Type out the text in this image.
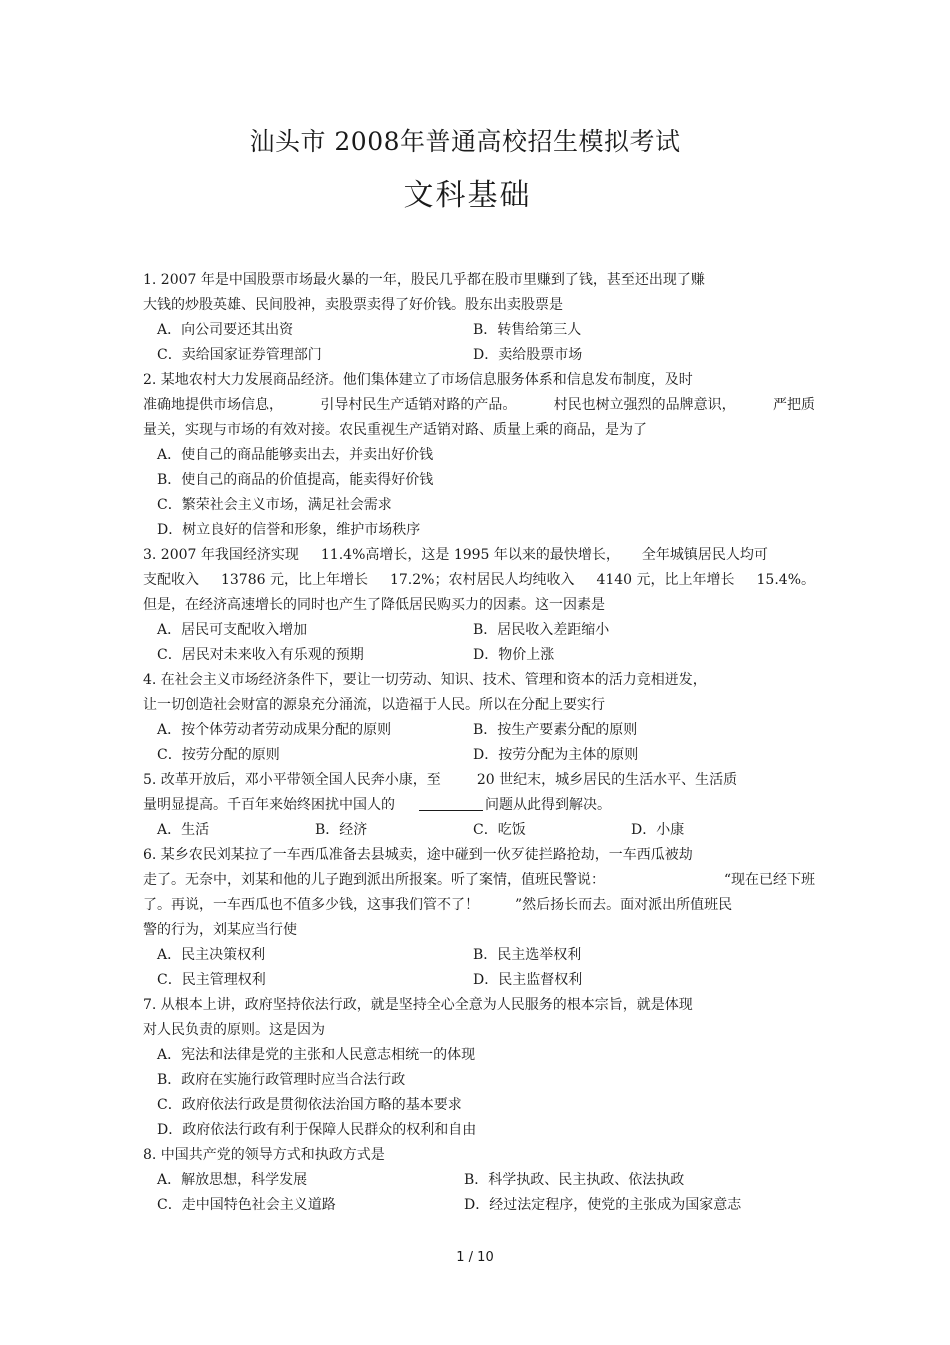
汕头市 2008年普通高校招生模拟考试
文科基础
1. 2007 年是中国股票市场最火暴的一年，股民几乎都在股市里赚到了钱，甚至还出现了赚
大钱的炒股英雄、民间股神，卖股票卖得了好价钱。股东出卖股票是
A．向公司要还其出资	B．转售给第三人
C．卖给国家证券管理部门	D．卖给股票市场
2. 某地农村大力发展商品经济。他们集体建立了市场信息服务体系和信息发布制度，及时
准确地提供市场信息，	引导村民生产适销对路的产品。	村民也树立强烈的品牌意识，	严把质
量关，实现与市场的有效对接。农民重视生产适销对路、质量上乘的商品，是为了
A．使自己的商品能够卖出去，并卖出好价钱
B．使自己的商品的价值提高，能卖得好价钱
C．繁荣社会主义市场，满足社会需求
D．树立良好的信誉和形象，维护市场秩序
3. 2007 年我国经济实现 11.4%高增长，这是 1995 年以来的最快增长， 全年城镇居民人均可
支配收入 13786 元，比上年增长 17.2%；农村居民人均纯收入 4140 元，比上年增长 15.4%。
但是，在经济高速增长的同时也产生了降低居民购买力的因素。这一因素是
A．居民可支配收入增加	B．居民收入差距缩小
C．居民对未来收入有乐观的预期	D．物价上涨
4. 在社会主义市场经济条件下，要让一切劳动、知识、技术、管理和资本的活力竞相迸发，
让一切创造社会财富的源泉充分涌流，以造福于人民。所以在分配上要实行
A．按个体劳动者劳动成果分配的原则	B．按生产要素分配的原则
C．按劳分配的原则	D．按劳分配为主体的原则
5. 改革开放后，邓小平带领全国人民奔小康，至	20 世纪末，城乡居民的生活水平、生活质
量明显提高。千百年来始终困扰中国人的	问题从此得到解决。
A．生活	B．经济	C．吃饭	D．小康
6. 某乡农民刘某拉了一车西瓜准备去县城卖，途中碰到一伙歹徒拦路抢劫，一车西瓜被劫
走了。无奈中，刘某和他的儿子跑到派出所报案。听了案情，值班民警说：	“现在已经下班
了。再说，一车西瓜也不值多少钱，这事我们管不了！	”然后扬长而去。面对派出所值班民
警的行为，刘某应当行使
A．民主决策权利	B．民主选举权利
C．民主管理权利	D．民主监督权利
7. 从根本上讲，政府坚持依法行政，就是坚持全心全意为人民服务的根本宗旨，就是体现
对人民负责的原则。这是因为
A．宪法和法律是党的主张和人民意志相统一的体现
B．政府在实施行政管理时应当合法行政
C．政府依法行政是贯彻依法治国方略的基本要求
D．政府依法行政有利于保障人民群众的权利和自由
8. 中国共产党的领导方式和执政方式是
A．解放思想，科学发展	B．科学执政、民主执政、依法执政
C．走中国特色社会主义道路	D．经过法定程序，使党的主张成为国家意志
1 / 10
